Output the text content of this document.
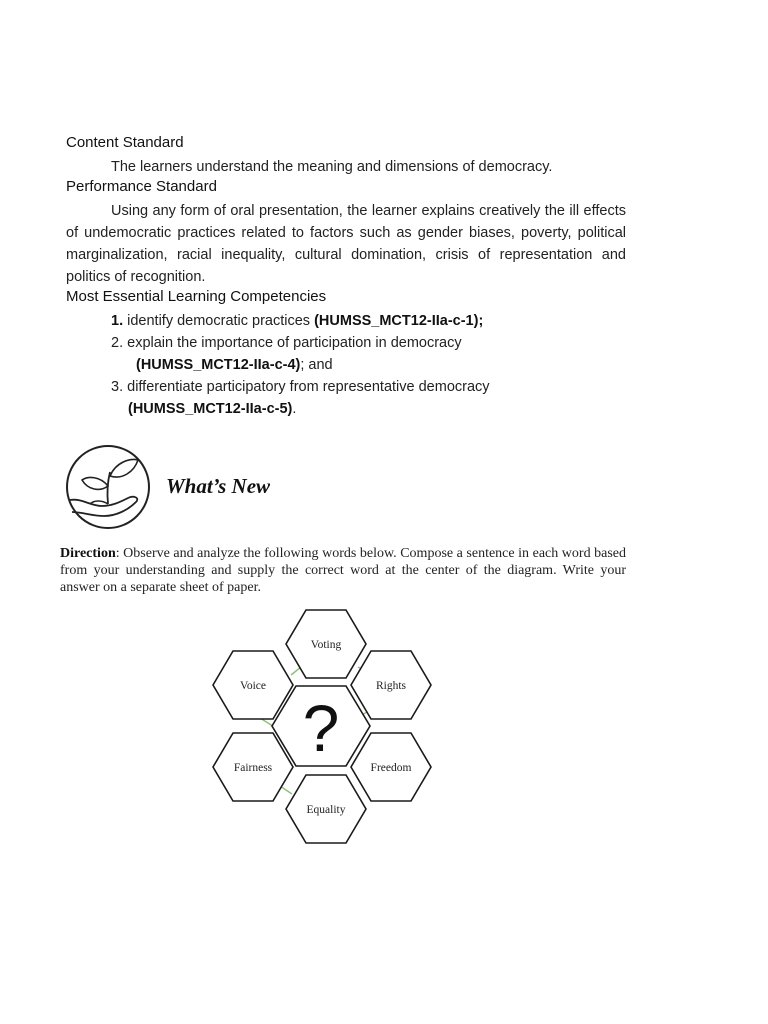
Content Standard
The learners understand the meaning and dimensions of democracy.
Performance Standard
Using any form of oral presentation, the learner explains creatively the ill effects of undemocratic practices related to factors such as gender biases, poverty, political marginalization, racial inequality, cultural domination, crisis of representation and politics of recognition.
Most Essential Learning Competencies
1. identify democratic practices (HUMSS_MCT12-IIa-c-1);
2. explain the importance of participation in democracy
(HUMSS_MCT12-IIa-c-4); and
3. differentiate participatory from representative democracy
(HUMSS_MCT12-IIa-c-5).
What’s New
Direction: Observe and analyze the following words below. Compose a sentence in each word based from your understanding and supply the correct word at the center of the diagram. Write your answer on a separate sheet of paper.
Voting
Voice	Rights
Fairness	Freedom
Equality
?
